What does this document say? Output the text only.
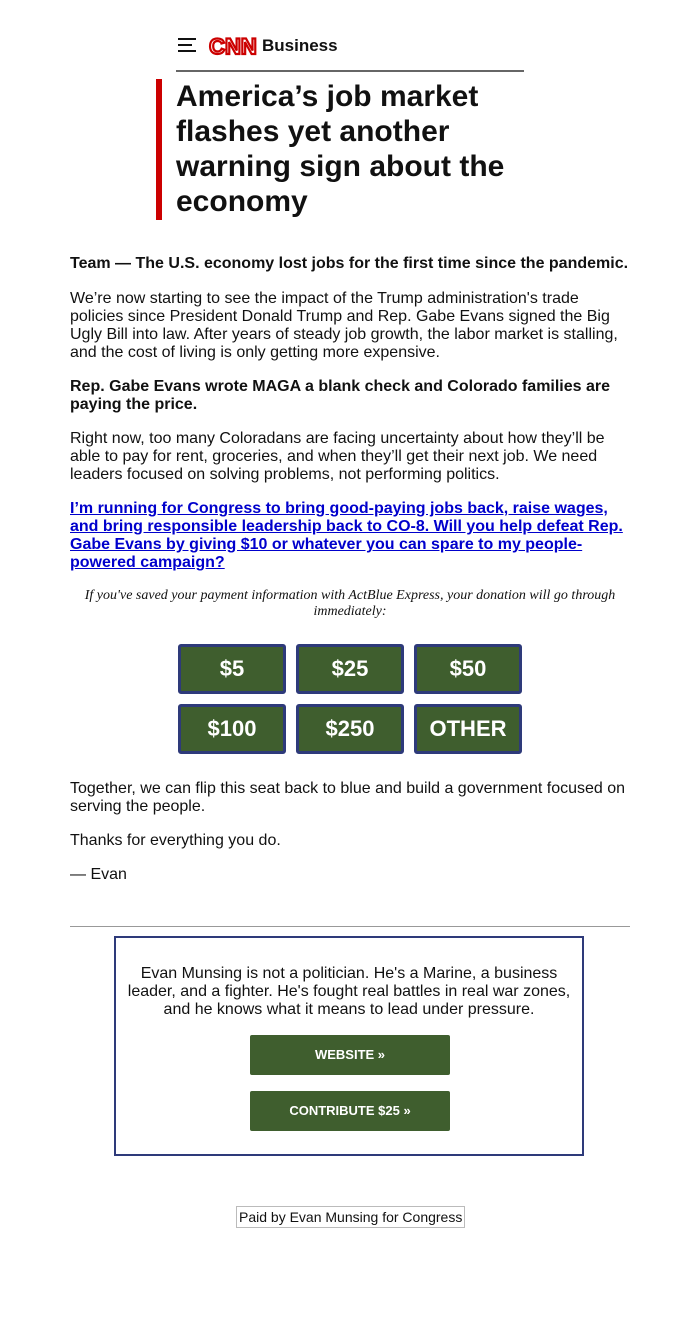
CNN Business
America’s job market flashes yet another warning sign about the economy

Team — The U.S. economy lost jobs for the first time since the pandemic.

We’re now starting to see the impact of the Trump administration's trade policies since President Donald Trump and Rep. Gabe Evans signed the Big Ugly Bill into law. After years of steady job growth, the labor market is stalling, and the cost of living is only getting more expensive.

Rep. Gabe Evans wrote MAGA a blank check and Colorado families are paying the price.

Right now, too many Coloradans are facing uncertainty about how they’ll be able to pay for rent, groceries, and when they’ll get their next job. We need leaders focused on solving problems, not performing politics.

I’m running for Congress to bring good-paying jobs back, raise wages, and bring responsible leadership back to CO-8. Will you help defeat Rep. Gabe Evans by giving $10 or whatever you can spare to my people-powered campaign?

If you've saved your payment information with ActBlue Express, your donation will go through immediately:

Together, we can flip this seat back to blue and build a government focused on serving the people.

Thanks for everything you do.

— Evan

$5	$25	$50
$100	$250	OTHER

Evan Munsing is not a politician. He's a Marine, a business leader, and a fighter. He's fought real battles in real war zones, and he knows what it means to lead under pressure.

WEBSITE »
CONTRIBUTE $25 »
Paid by Evan Munsing for Congress
